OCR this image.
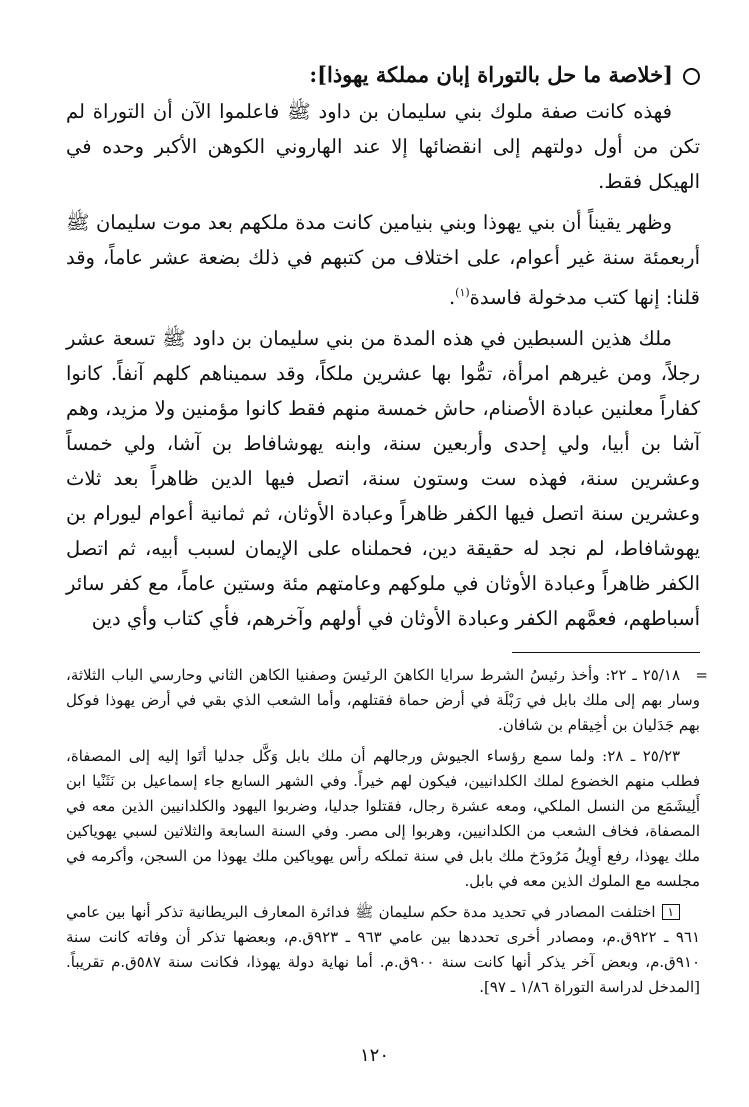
[خلاصة ما حل بالتوراة إبان مملكة يهوذا]:

فهذه كانت صفة ملوك بني سليمان بن داود ﷺ فاعلموا الآن أن التوراة لم تكن من أول دولتهم إلى انقضائها إلا عند الهاروني الكوهن الأكبر وحده في الهيكل فقط.

وظهر يقيناً أن بني يهوذا وبني بنيامين كانت مدة ملكهم بعد موت سليمان ﷺ أربعمئة سنة غير أعوام، على اختلاف من كتبهم في ذلك بضعة عشر عاماً، وقد قلنا: إنها كتب مدخولة فاسدة$^{(١)}$.

ملك هذين السبطين في هذه المدة من بني سليمان بن داود ﷺ تسعة عشر رجلاً، ومن غيرهم امرأة، تمُّوا بها عشرين ملكاً، وقد سميناهم كلهم آنفاً. كانوا كفاراً معلنين عبادة الأصنام، حاش خمسة منهم فقط كانوا مؤمنين ولا مزيد، وهم آشا بن أبيا، ولي إحدى وأربعين سنة، وابنه يهوشافاط بن آشا، ولي خمساً وعشرين سنة، فهذه ست وستون سنة، اتصل فيها الدين ظاهراً بعد ثلاث وعشرين سنة اتصل فيها الكفر ظاهراً وعبادة الأوثان، ثم ثمانية أعوام ليورام بن يهوشافاط، لم نجد له حقيقة دين، فحملناه على الإيمان لسبب أبيه، ثم اتصل الكفر ظاهراً وعبادة الأوثان في ملوكهم وعامتهم مئة وستين عاماً، مع كفر سائر أسباطهم، فعمَّهم الكفر وعبادة الأوثان في أولهم وآخرهم، فأي كتاب وأي دين

=
٢٥/١٨ ـ ٢٢: وأخذ رئيسُ الشرط سرايا الكاهنَ الرئيسَ وصفنيا الكاهن الثاني وحارسي الباب الثلاثة، وسار بهم إلى ملك بابل في رَبْلَة في أرض حماة فقتلهم، وأما الشعب الذي بقي في أرض يهوذا فوكل بهم جَدَليان بن أخِيقام بن شافان.

٢٥/٢٣ ـ ٢٨: ولما سمع رؤساء الجيوش ورجالهم أن ملك بابل وَكَّل جدليا أتَوا إليه إلى المصفاة، فطلب منهم الخضوع لملك الكلدانيين، فيكون لهم خيراً. وفي الشهر السابع جاء إسماعيل بن نَثَنْيا ابن أَلِيشَمَع من النسل الملكي، ومعه عشرة رجال، فقتلوا جدليا، وضربوا اليهود والكلدانيين الذين معه في المصفاة، فخاف الشعب من الكلدانيين، وهربوا إلى مصر. وفي السنة السابعة والثلاثين لسبي يهوياكين ملك يهوذا، رفع أوِيلُ مَرُودَخ ملك بابل في سنة تملكه رأس يهوياكين ملك يهوذا من السجن، وأكرمه في مجلسه مع الملوك الذين معه في بابل.

١اختلفت المصادر في تحديد مدة حكم سليمان ﷺ فدائرة المعارف البريطانية تذكر أنها بين عامي ٩٦١ ـ ٩٢٢ق.م، ومصادر أخرى تحددها بين عامي ٩٦٣ ـ ٩٢٣ق.م، وبعضها تذكر أن وفاته كانت سنة ٩١٠ق.م، وبعض آخر يذكر أنها كانت سنة ٩٠٠ق.م. أما نهاية دولة يهوذا، فكانت سنة ٥٨٧ق.م تقريباً. [المدخل لدراسة التوراة ١/٨٦ ـ ٩٧].

١٢٠
